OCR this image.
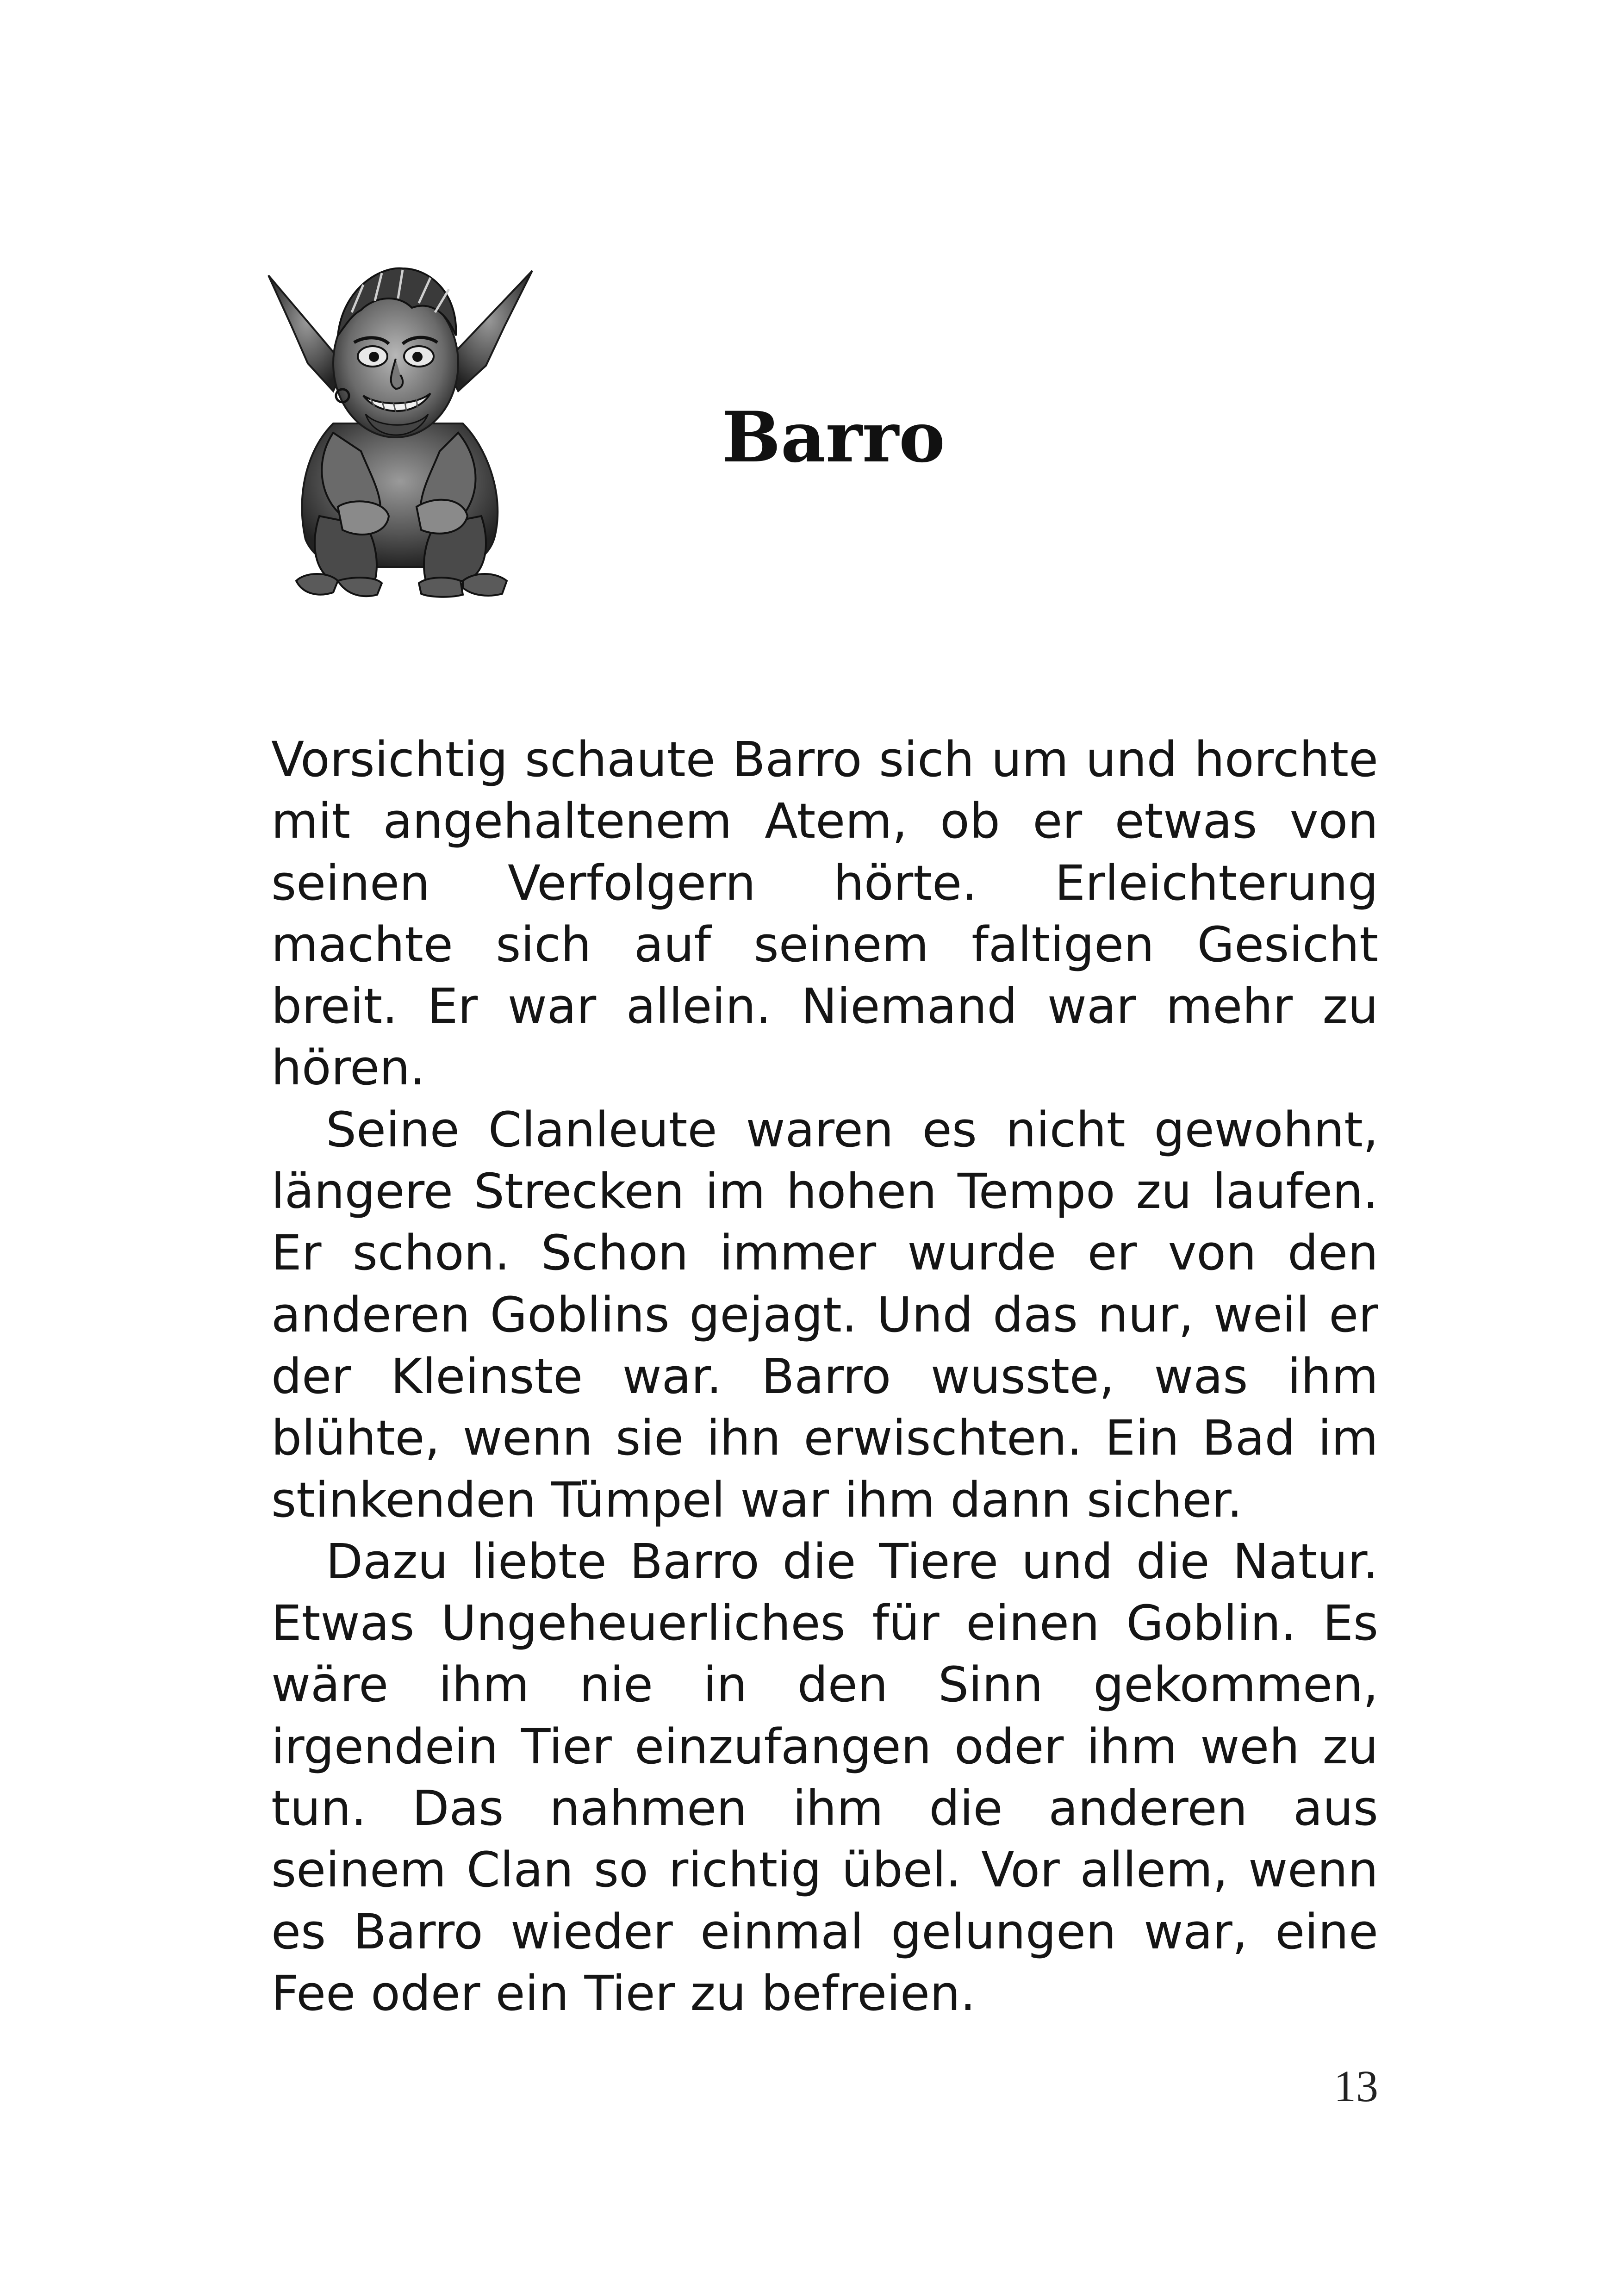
Barro

Vorsichtig schaute Barro sich um und horchte mit angehaltenem Atem, ob er etwas von seinen Verfolgern hörte. Erleichterung machte sich auf seinem faltigen Gesicht breit. Er war allein. Niemand war mehr zu hören.

Seine Clanleute waren es nicht gewohnt, längere Strecken im hohen Tempo zu laufen. Er schon. Schon immer wurde er von den anderen Goblins gejagt. Und das nur, weil er der Kleinste war. Barro wusste, was ihm blühte, wenn sie ihn erwischten. Ein Bad im stinkenden Tümpel war ihm dann sicher.

Dazu liebte Barro die Tiere und die Natur. Etwas Ungeheuerliches für einen Goblin. Es wäre ihm nie in den Sinn gekommen, irgendein Tier einzufangen oder ihm weh zu tun. Das nahmen ihm die anderen aus seinem Clan so richtig übel. Vor allem, wenn es Barro wieder einmal gelungen war, eine Fee oder ein Tier zu befreien.

13
